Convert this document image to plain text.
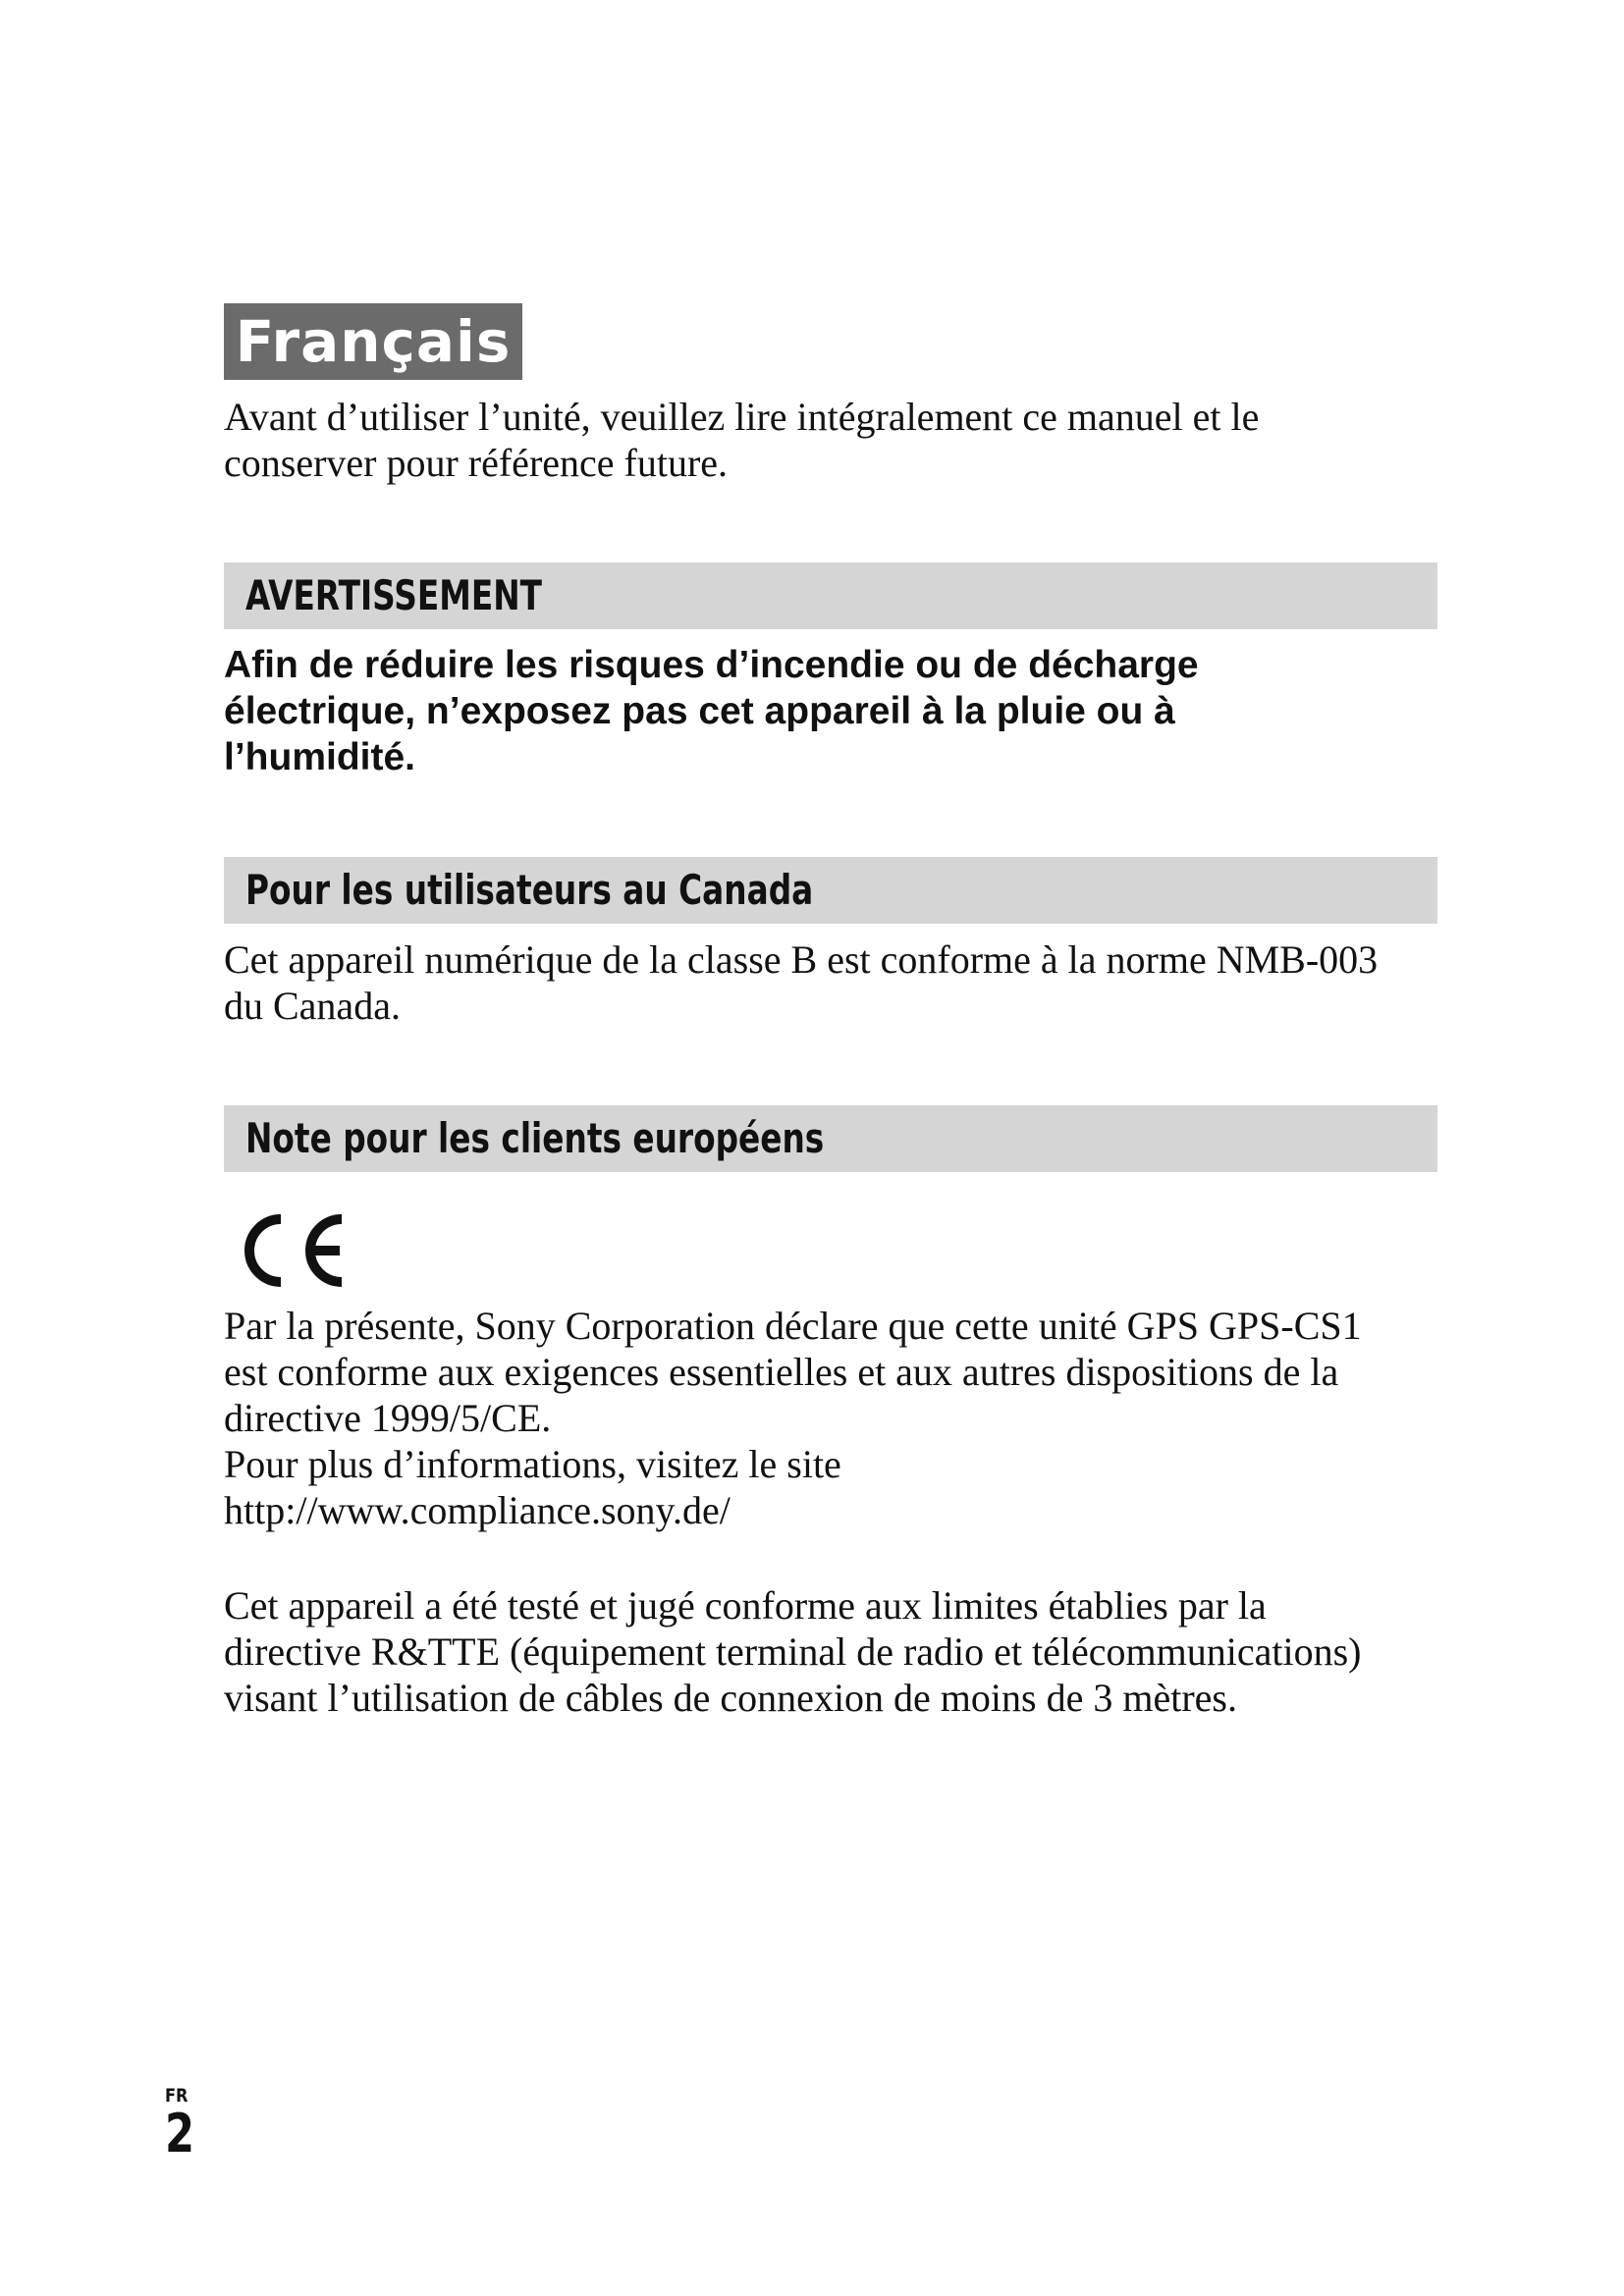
Français
Avant d’utiliser l’unité, veuillez lire intégralement ce manuel et le
conserver pour référence future.
AVERTISSEMENT
Afin de réduire les risques d’incendie ou de décharge
électrique, n’exposez pas cet appareil à la pluie ou à
l’humidité.
Pour les utilisateurs au Canada
Cet appareil numérique de la classe B est conforme à la norme NMB-003
du Canada.
Note pour les clients européens
Par la présente, Sony Corporation déclare que cette unité GPS GPS-CS1
est conforme aux exigences essentielles et aux autres dispositions de la
directive 1999/5/CE.
Pour plus d’informations, visitez le site
http://www.compliance.sony.de/
Cet appareil a été testé et jugé conforme aux limites établies par la
directive R&TTE (équipement terminal de radio et télécommunications)
visant l’utilisation de câbles de connexion de moins de 3 mètres.
FR
2
